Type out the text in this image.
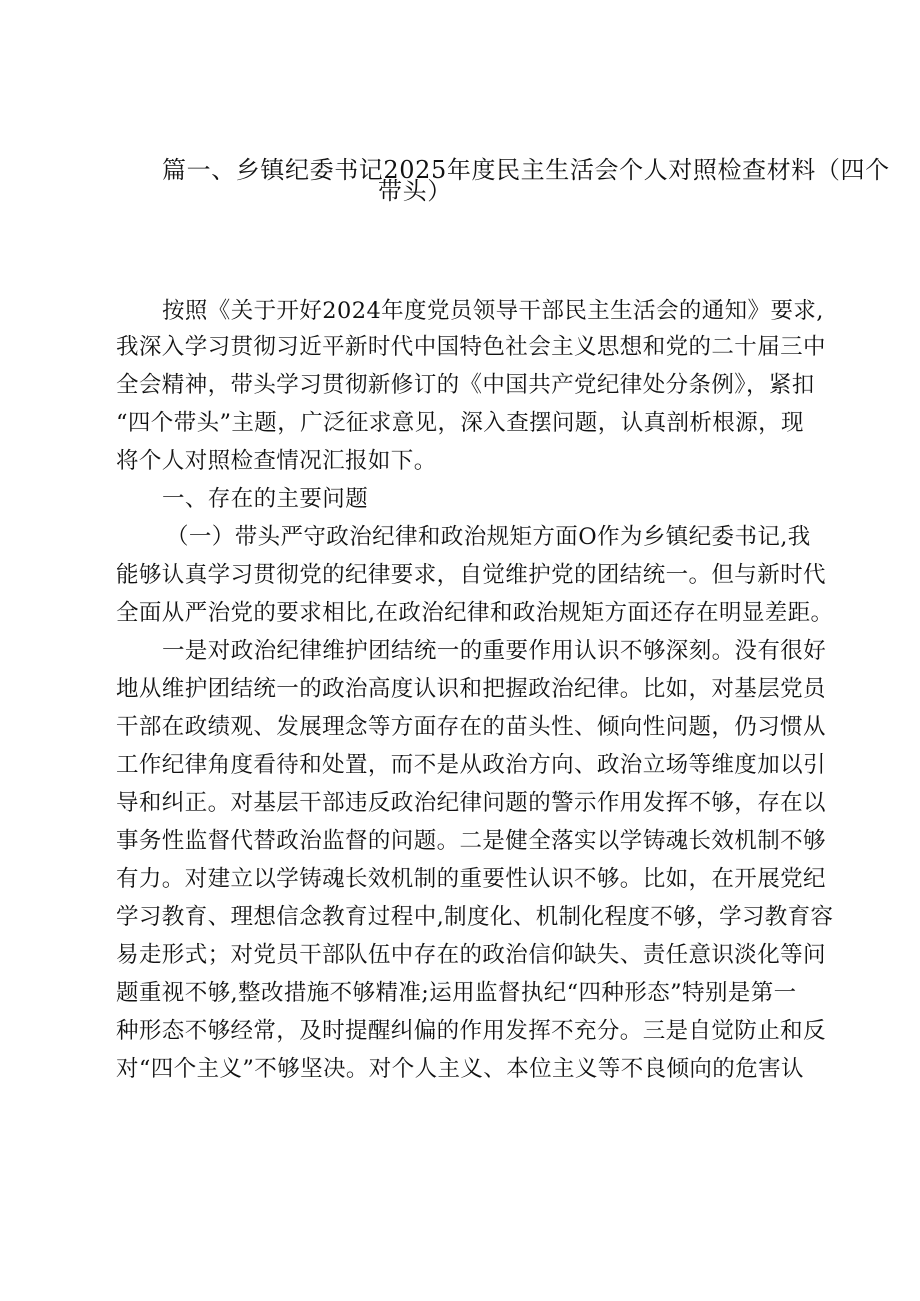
篇一、乡镇纪委书记2025年度民主生活会个人对照检查材料（四个
带头）
按照《关于开好2024年度党员领导干部民主生活会的通知》要求,
我深入学习贯彻习近平新时代中国特色社会主义思想和党的二十届三中
全会精神，带头学习贯彻新修订的《中国共产党纪律处分条例》，紧扣
“四个带头”主题，广泛征求意见，深入查摆问题，认真剖析根源，现
将个人对照检查情况汇报如下。
一、存在的主要问题
（一）带头严守政治纪律和政治规矩方面O作为乡镇纪委书记,我
能够认真学习贯彻党的纪律要求，自觉维护党的团结统一。但与新时代
全面从严治党的要求相比,在政治纪律和政治规矩方面还存在明显差距。
一是对政治纪律维护团结统一的重要作用认识不够深刻。没有很好
地从维护团结统一的政治高度认识和把握政治纪律。比如，对基层党员
干部在政绩观、发展理念等方面存在的苗头性、倾向性问题，仍习惯从
工作纪律角度看待和处置，而不是从政治方向、政治立场等维度加以引
导和纠正。对基层干部违反政治纪律问题的警示作用发挥不够，存在以
事务性监督代替政治监督的问题。二是健全落实以学铸魂长效机制不够
有力。对建立以学铸魂长效机制的重要性认识不够。比如，在开展党纪
学习教育、理想信念教育过程中,制度化、机制化程度不够，学习教育容
易走形式；对党员干部队伍中存在的政治信仰缺失、责任意识淡化等问
题重视不够,整改措施不够精准;运用监督执纪“四种形态”特别是第一
种形态不够经常，及时提醒纠偏的作用发挥不充分。三是自觉防止和反
对“四个主义”不够坚决。对个人主义、本位主义等不良倾向的危害认
